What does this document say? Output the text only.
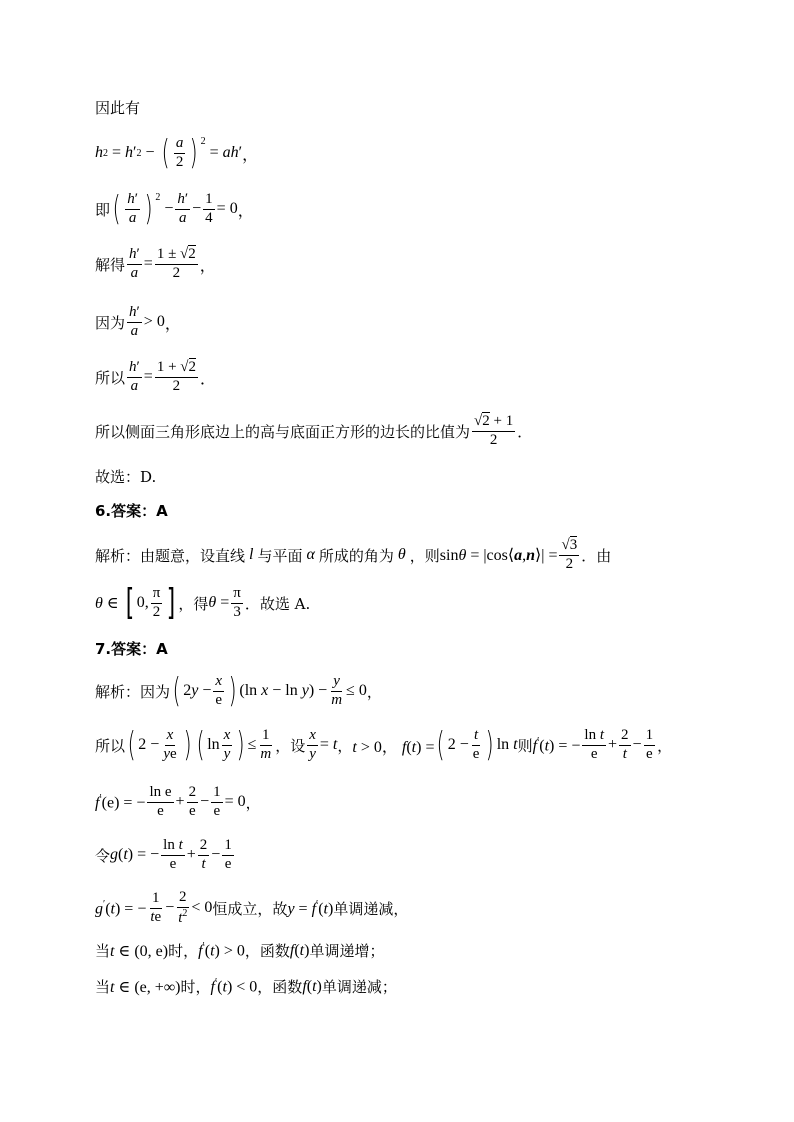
因此有
h 2 = h ′ 2 − ( $\frac{a}{2}$ ) $^2$
= ah ′ ，
即 ( $\frac{h'}{a}$ ) $^2$
− $\frac{h'}{a} - \frac{1}{4} = 0$ ，
解得 $\frac{h'}{a} = \frac{1 \pm √2}{2}$ ，
因为 $\frac{h'}{a} > 0$ ，
所以 $\frac{h'}{a} = \frac{1 + √2}{2}$ ．
所以侧面三角形底边上的高与底面正方形的边长的比值为 $\frac{√2 + 1}{2}$ ．
故选：D.
6.答案：A
解析：由题意，设直线 l 与平面 α 所成的角为 θ ，则 sinθ = |cos⟨a,n⟩| = $\frac{√3}{2}$ ．由
θ ∈ [ 0, $\frac{\pi}{2}$ ] ，得 $\theta = \frac{\pi}{3}$ ．故选 A.
7.答案：A
解析：因为 ( $2y - \frac{x}{e}$ ) (ln $x - \ln y) - \frac{y}{m} \le 0$ ，
所以 ( $2 - \frac{x}{ye}$ ) ( $\ln \frac{x}{y}$ ) ≤ $\frac{1}{m}$ ，设 $\frac{x}{y} = t$ ， t > 0， f(t) = ( $2 - \frac{t}{e}$ ) ln t 则 f′(t) = − $\frac{\text{ln t}}{e} + \frac{2}{t} - \frac{1}{e}$ ，
f′(e) = − $\frac{\text{ln e}}{e} + \frac{2}{e} - \frac{1}{e} = 0$ ，
令 g(t) = − $\frac{\text{ln t}}{e} + \frac{2}{t} - \frac{1}{e}$
g′(t) = − $\frac{1}{te} - \frac{2}{t^2} < 0$ 恒成立，故 y = f′(t) 单调递减，
当 t ∈ (0, e) 时， f′(t) > 0 ，函数 f(t) 单调递增；
当 t ∈ (e, +∞) 时， f′(t) < 0 ，函数 f(t) 单调递减；
